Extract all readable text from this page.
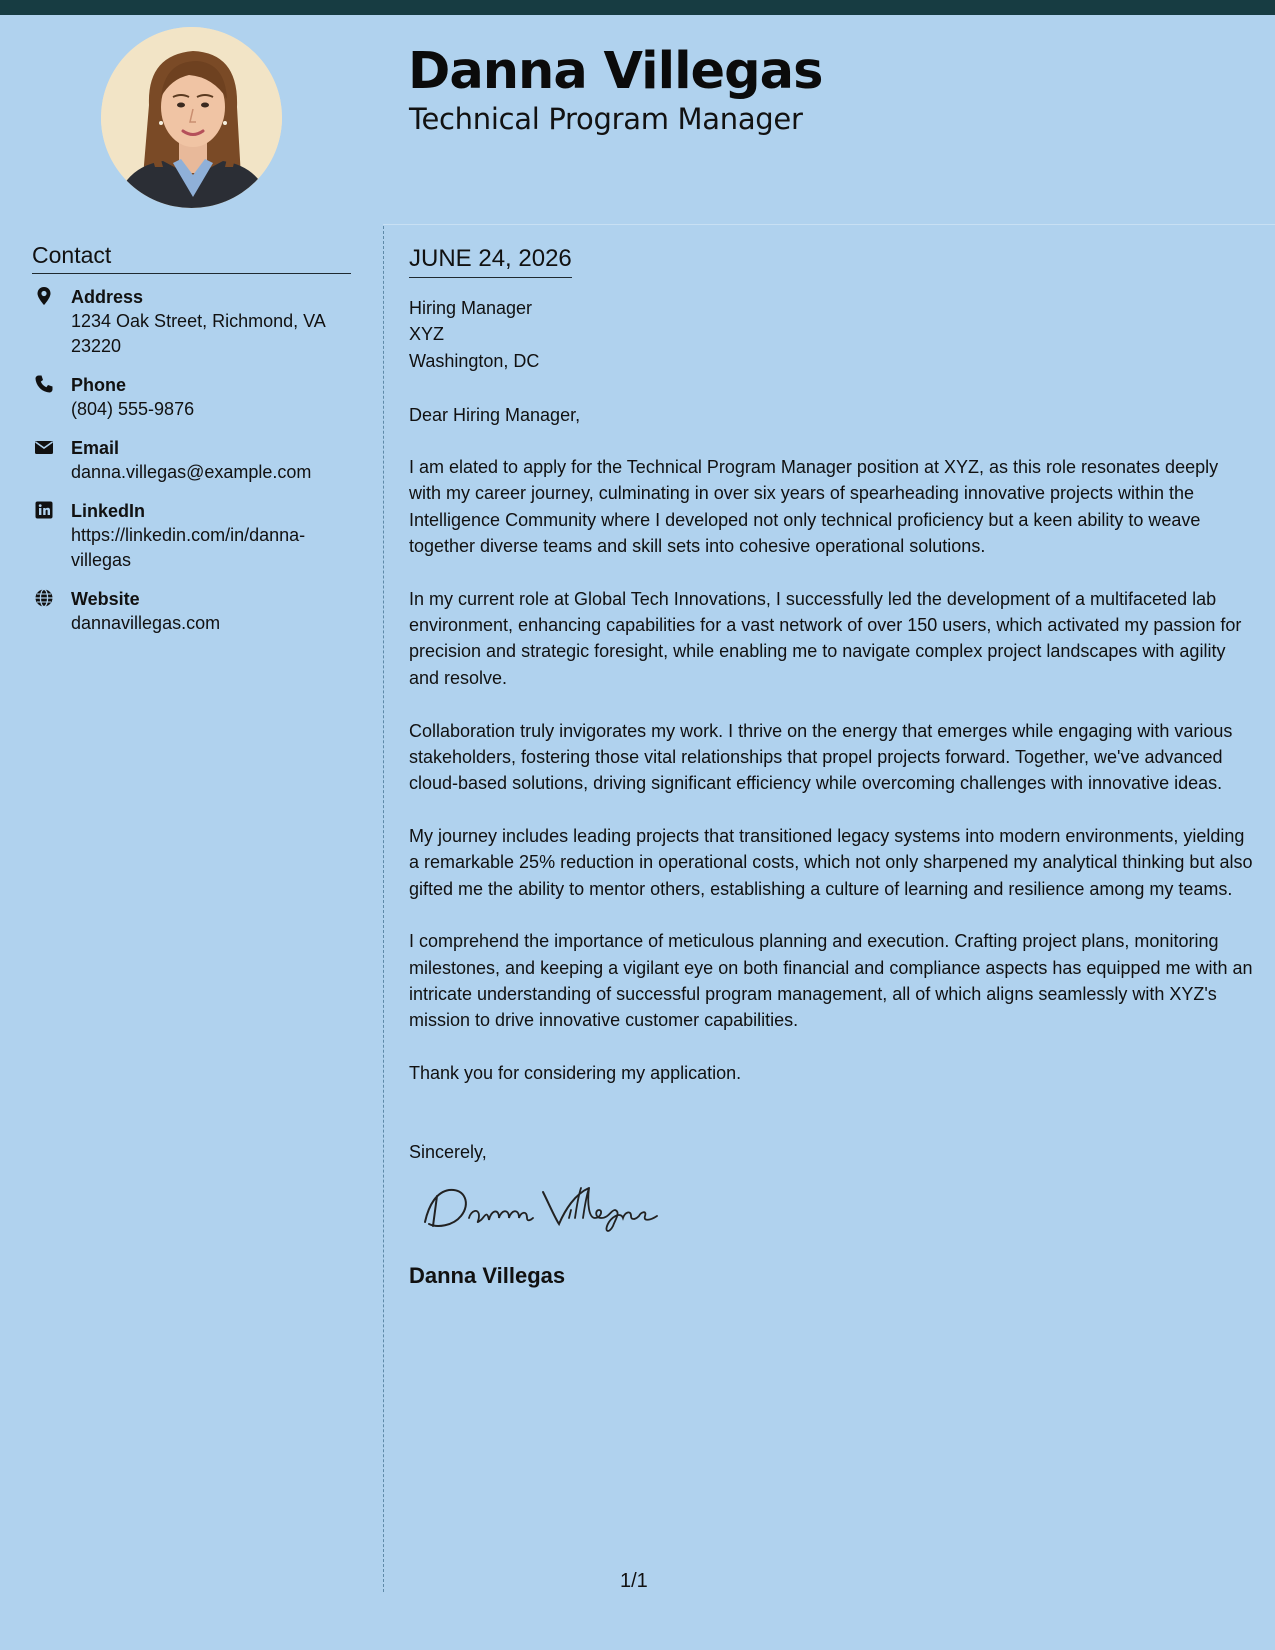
Danna Villegas
Technical Program Manager
Contact
Address
1234 Oak Street, Richmond, VA 23220
Phone
(804) 555-9876
Email
danna.villegas@example.com
LinkedIn
https://linkedin.com/in/danna-villegas
Website
dannavillegas.com
JUNE 24, 2026
Hiring Manager
XYZ
Washington, DC

Dear Hiring Manager,

I am elated to apply for the Technical Program Manager position at XYZ, as this role resonates deeply with my career journey, culminating in over six years of spearheading innovative projects within the Intelligence Community where I developed not only technical proficiency but a keen ability to weave together diverse teams and skill sets into cohesive operational solutions.

In my current role at Global Tech Innovations, I successfully led the development of a multifaceted lab environment, enhancing capabilities for a vast network of over 150 users, which activated my passion for precision and strategic foresight, while enabling me to navigate complex project landscapes with agility and resolve.

Collaboration truly invigorates my work. I thrive on the energy that emerges while engaging with various stakeholders, fostering those vital relationships that propel projects forward. Together, we've advanced cloud-based solutions, driving significant efficiency while overcoming challenges with innovative ideas.

My journey includes leading projects that transitioned legacy systems into modern environments, yielding a remarkable 25% reduction in operational costs, which not only sharpened my analytical thinking but also gifted me the ability to mentor others, establishing a culture of learning and resilience among my teams.

I comprehend the importance of meticulous planning and execution. Crafting project plans, monitoring milestones, and keeping a vigilant eye on both financial and compliance aspects has equipped me with an intricate understanding of successful program management, all of which aligns seamlessly with XYZ's mission to drive innovative customer capabilities.

Thank you for considering my application.

Sincerely,

Danna Villegas
1/1
